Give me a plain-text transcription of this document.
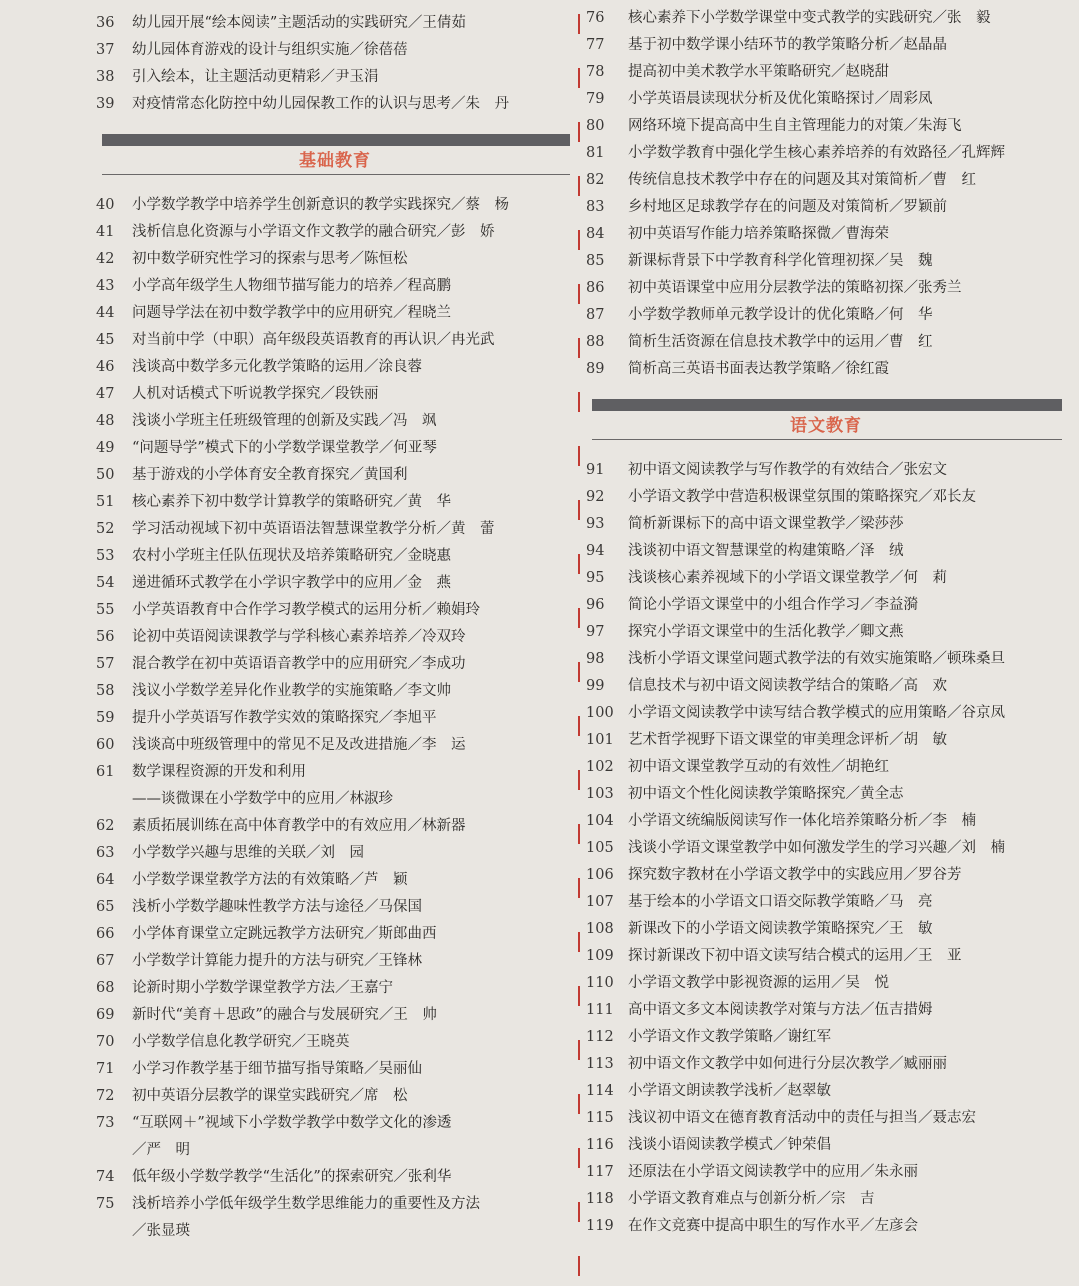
36 幼儿园开展“绘本阅读”主题活动的实践研究／王倩茹
37 幼儿园体育游戏的设计与组织实施／徐蓓蓓
38 引入绘本，让主题活动更精彩／尹玉涓
39 对疫情常态化防控中幼儿园保教工作的认识与思考／朱　丹
基础教育
40 小学数学教学中培养学生创新意识的教学实践探究／蔡　杨
41 浅析信息化资源与小学语文作文教学的融合研究／彭　娇
42 初中数学研究性学习的探索与思考／陈恒松
43 小学高年级学生人物细节描写能力的培养／程高鹏
44 问题导学法在初中数学教学中的应用研究／程晓兰
45 对当前中学（中职）高年级段英语教育的再认识／冉光武
46 浅谈高中数学多元化教学策略的运用／涂良蓉
47 人机对话模式下听说教学探究／段铁丽
48 浅谈小学班主任班级管理的创新及实践／冯　飒
49 “问题导学”模式下的小学数学课堂教学／何亚琴
50 基于游戏的小学体育安全教育探究／黄国利
51 核心素养下初中数学计算教学的策略研究／黄　华
52 学习活动视域下初中英语语法智慧课堂教学分析／黄　蕾
53 农村小学班主任队伍现状及培养策略研究／金晓惠
54 递进循环式教学在小学识字教学中的应用／金　燕
55 小学英语教育中合作学习教学模式的运用分析／赖娟玲
56 论初中英语阅读课教学与学科核心素养培养／冷双玲
57 混合教学在初中英语语音教学中的应用研究／李成功
58 浅议小学数学差异化作业教学的实施策略／李文帅
59 提升小学英语写作教学实效的策略探究／李旭平
60 浅谈高中班级管理中的常见不足及改进措施／李　运
61 数学课程资源的开发和利用
——谈微课在小学数学中的应用／林淑珍
62 素质拓展训练在高中体育教学中的有效应用／林新器
63 小学数学兴趣与思维的关联／刘　园
64 小学数学课堂教学方法的有效策略／芦　颖
65 浅析小学数学趣味性教学方法与途径／马保国
66 小学体育课堂立定跳远教学方法研究／斯郎曲西
67 小学数学计算能力提升的方法与研究／王锋林
68 论新时期小学数学课堂教学方法／王嘉宁
69 新时代“美育＋思政”的融合与发展研究／王　帅
70 小学数学信息化教学研究／王晓英
71 小学习作教学基于细节描写指导策略／吴丽仙
72 初中英语分层教学的课堂实践研究／席　松
73 “互联网＋”视域下小学数学教学中数学文化的渗透
／严　明
74 低年级小学数学教学“生活化”的探索研究／张利华
75 浅析培养小学低年级学生数学思维能力的重要性及方法
／张显瑛
76 核心素养下小学数学课堂中变式教学的实践研究／张　毅
77 基于初中数学课小结环节的教学策略分析／赵晶晶
78 提高初中美术教学水平策略研究／赵晓甜
79 小学英语晨读现状分析及优化策略探讨／周彩凤
80 网络环境下提高高中生自主管理能力的对策／朱海飞
81 小学数学教育中强化学生核心素养培养的有效路径／孔辉辉
82 传统信息技术教学中存在的问题及其对策简析／曹　红
83 乡村地区足球教学存在的问题及对策简析／罗颖前
84 初中英语写作能力培养策略探微／曹海荣
85 新课标背景下中学教育科学化管理初探／吴　魏
86 初中英语课堂中应用分层教学法的策略初探／张秀兰
87 小学数学教师单元教学设计的优化策略／何　华
88 简析生活资源在信息技术教学中的运用／曹　红
89 简析高三英语书面表达教学策略／徐红霞
语文教育
91 初中语文阅读教学与写作教学的有效结合／张宏文
92 小学语文教学中营造积极课堂氛围的策略探究／邓长友
93 简析新课标下的高中语文课堂教学／梁莎莎
94 浅谈初中语文智慧课堂的构建策略／泽　绒
95 浅谈核心素养视域下的小学语文课堂教学／何　莉
96 简论小学语文课堂中的小组合作学习／李益漪
97 探究小学语文课堂中的生活化教学／卿文燕
98 浅析小学语文课堂问题式教学法的有效实施策略／顿珠桑旦
99 信息技术与初中语文阅读教学结合的策略／高　欢
100 小学语文阅读教学中读写结合教学模式的应用策略／谷京凤
101 艺术哲学视野下语文课堂的审美理念评析／胡　敏
102 初中语文课堂教学互动的有效性／胡艳红
103 初中语文个性化阅读教学策略探究／黄全志
104 小学语文统编版阅读写作一体化培养策略分析／李　楠
105 浅谈小学语文课堂教学中如何激发学生的学习兴趣／刘　楠
106 探究数字教材在小学语文教学中的实践应用／罗谷芳
107 基于绘本的小学语文口语交际教学策略／马　亮
108 新课改下的小学语文阅读教学策略探究／王　敏
109 探讨新课改下初中语文读写结合模式的运用／王　亚
110 小学语文教学中影视资源的运用／吴　悦
111 高中语文多文本阅读教学对策与方法／伍吉措姆
112 小学语文作文教学策略／谢红军
113 初中语文作文教学中如何进行分层次教学／臧丽丽
114 小学语文朗读教学浅析／赵翠敏
115 浅议初中语文在德育教育活动中的责任与担当／聂志宏
116 浅谈小语阅读教学模式／钟荣倡
117 还原法在小学语文阅读教学中的应用／朱永丽
118 小学语文教育难点与创新分析／宗　吉
119 在作文竞赛中提高中职生的写作水平／左彦会
